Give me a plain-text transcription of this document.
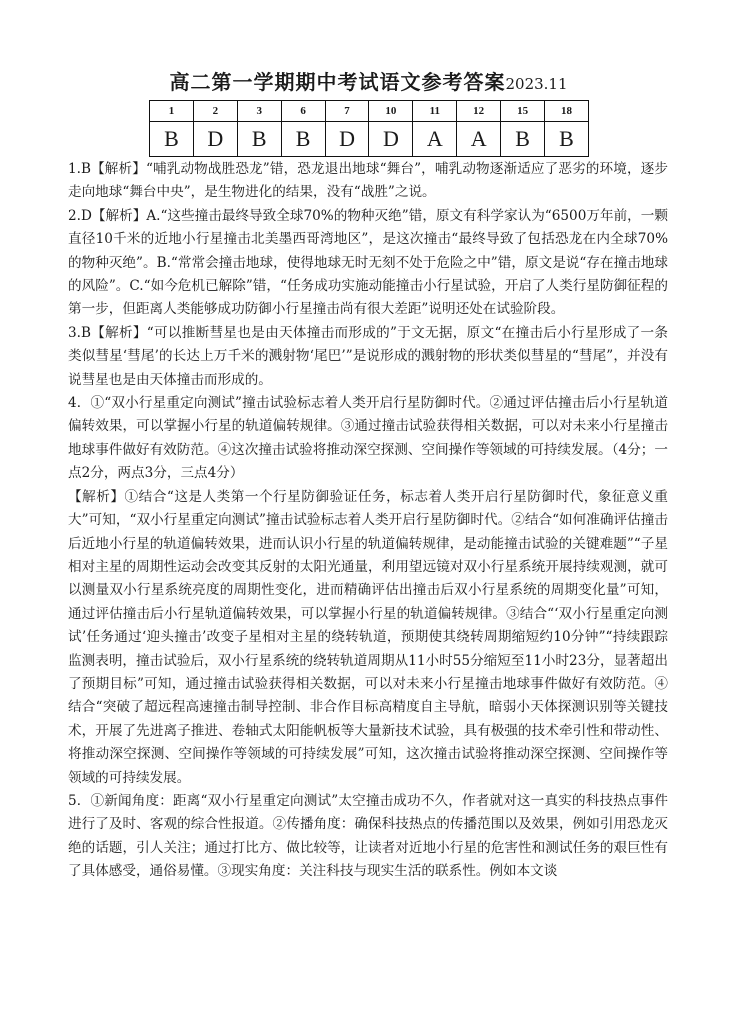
高二第一学期期中考试语文参考答案2023.11
1	2	3	6	7	10	11	12	15	18
B	D	B	B	D	D	A	A	B	B

1.B【解析】“哺乳动物战胜恐龙”错，恐龙退出地球“舞台”，哺乳动物逐渐适应了恶劣的环境，逐步走向地球“舞台中央”，是生物进化的结果，没有“战胜”之说。

2.D【解析】A.“这些撞击最终导致全球70%的物种灭绝”错，原文有科学家认为“6500万年前，一颗直径10千米的近地小行星撞击北美墨西哥湾地区”，是这次撞击“最终导致了包括恐龙在内全球70%的物种灭绝”。B.“常常会撞击地球，使得地球无时无刻不处于危险之中”错，原文是说“存在撞击地球的风险”。C.“如今危机已解除”错，“任务成功实施动能撞击小行星试验，开启了人类行星防御征程的第一步，但距离人类能够成功防御小行星撞击尚有很大差距”说明还处在试验阶段。

3.B【解析】“可以推断彗星也是由天体撞击而形成的”于文无据，原文“在撞击后小行星形成了一条类似彗星‘彗尾’的长达上万千米的溅射物‘尾巴’”是说形成的溅射物的形状类似彗星的“彗尾”，并没有说彗星也是由天体撞击而形成的。

4．①“双小行星重定向测试”撞击试验标志着人类开启行星防御时代。②通过评估撞击后小行星轨道偏转效果，可以掌握小行星的轨道偏转规律。③通过撞击试验获得相关数据，可以对未来小行星撞击地球事件做好有效防范。④这次撞击试验将推动深空探测、空间操作等领域的可持续发展。（4分；一点2分，两点3分，三点4分）

【解析】①结合“这是人类第一个行星防御验证任务，标志着人类开启行星防御时代，象征意义重大”可知，“双小行星重定向测试”撞击试验标志着人类开启行星防御时代。②结合“如何准确评估撞击后近地小行星的轨道偏转效果，进而认识小行星的轨道偏转规律，是动能撞击试验的关键难题”“子星相对主星的周期性运动会改变其反射的太阳光通量，利用望远镜对双小行星系统开展持续观测，就可以测量双小行星系统亮度的周期性变化，进而精确评估出撞击后双小行星系统的周期变化量”可知，通过评估撞击后小行星轨道偏转效果，可以掌握小行星的轨道偏转规律。③结合“‘双小行星重定向测试’任务通过‘迎头撞击’改变子星相对主星的绕转轨道，预期使其绕转周期缩短约10分钟”“持续跟踪监测表明，撞击试验后，双小行星系统的绕转轨道周期从11小时55分缩短至11小时23分，显著超出了预期目标”可知，通过撞击试验获得相关数据，可以对未来小行星撞击地球事件做好有效防范。④结合“突破了超远程高速撞击制导控制、非合作目标高精度自主导航，暗弱小天体探测识别等关键技术，开展了先进离子推进、卷轴式太阳能帆板等大量新技术试验，具有极强的技术牵引性和带动性、将推动深空探测、空间操作等领域的可持续发展”可知，这次撞击试验将推动深空探测、空间操作等领域的可持续发展。

5．①新闻角度：距离“双小行星重定向测试”太空撞击成功不久，作者就对这一真实的科技热点事件进行了及时、客观的综合性报道。②传播角度：确保科技热点的传播范围以及效果，例如引用恐龙灭绝的话题，引人关注；通过打比方、做比较等，让读者对近地小行星的危害性和测试任务的艰巨性有了具体感受，通俗易懂。③现实角度：关注科技与现实生活的联系性。例如本文谈
